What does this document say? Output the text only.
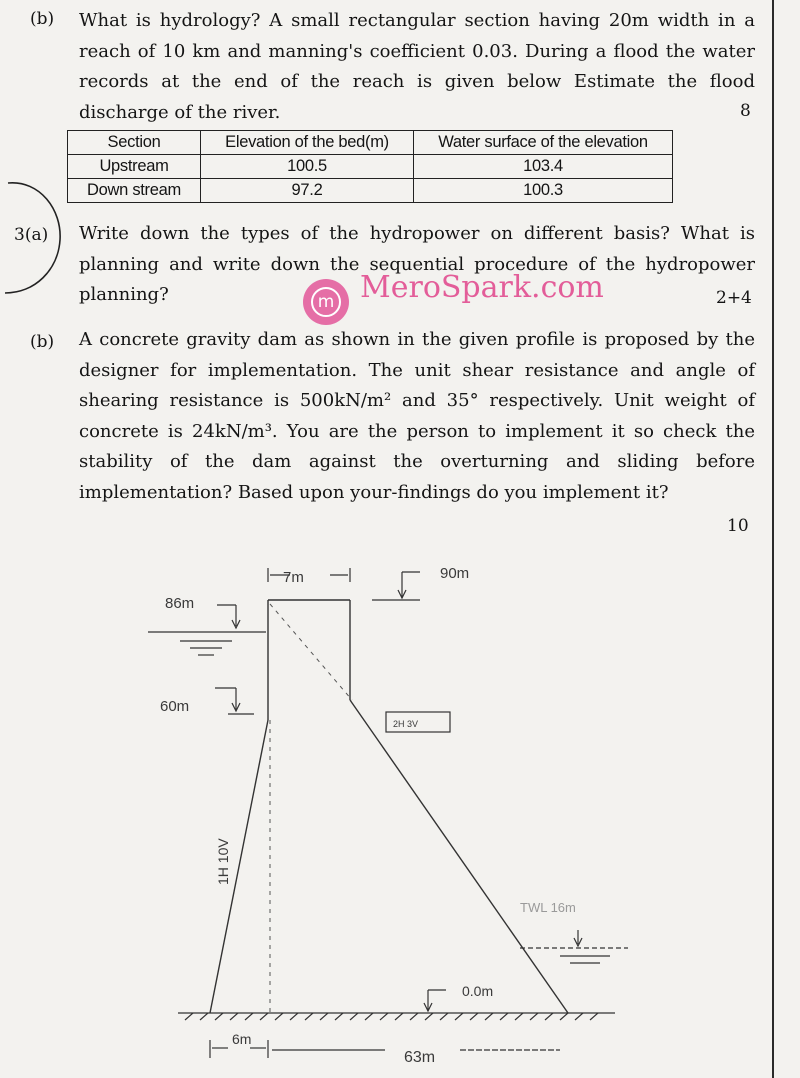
(b) What is hydrology? A small rectangular section having 20m width in a reach of 10 km and manning's coefficient 0.03. During a flood the water records at the end of the reach is given below Estimate the flood discharge of the river.	8
Section	Elevation of the bed(m)	Water surface of the elevation
Upstream	100.5	103.4
Down stream	97.2	100.3
3(a) Write down the types of the hydropower on different basis? What is planning and write down the sequential procedure of the hydropower planning?	2+4
m MeroSpark.com
(b) A concrete gravity dam as shown in the given profile is proposed by the designer for implementation. The unit shear resistance and angle of shearing resistance is 500kN/m² and 35° respectively. Unit weight of concrete is 24kN/m³. You are the person to implement it so check the stability of the dam against the overturning and sliding before implementation? Based upon your-findings do you implement it?
10
7m	90m
86m
60m
2H 3V
1H 10V
TWL 16m
0.0m
6m
63m
